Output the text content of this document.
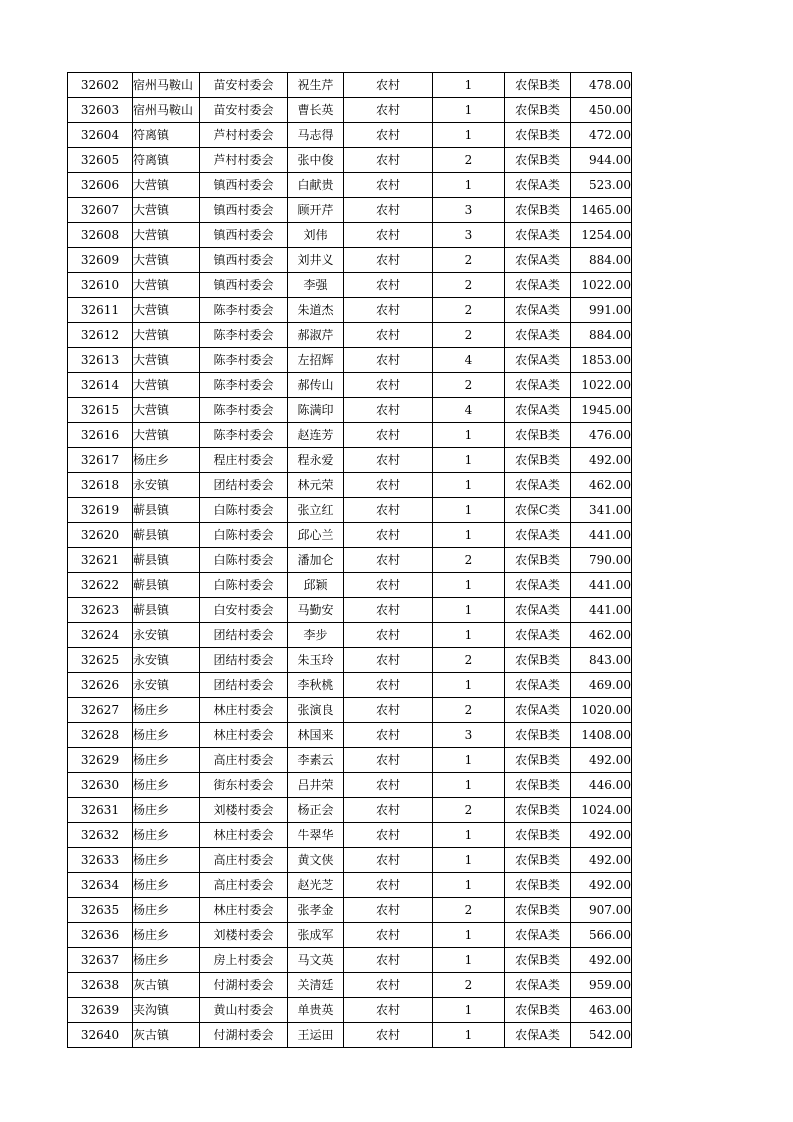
32602	宿州马鞍山	苗安村委会	祝生芹	农村	1	农保B类	478.00
32603	宿州马鞍山	苗安村委会	曹长英	农村	1	农保B类	450.00
32604	符离镇	芦村村委会	马志得	农村	1	农保B类	472.00
32605	符离镇	芦村村委会	张中俊	农村	2	农保B类	944.00
32606	大营镇	镇西村委会	白献贵	农村	1	农保A类	523.00
32607	大营镇	镇西村委会	顾开芹	农村	3	农保B类	1465.00
32608	大营镇	镇西村委会	刘伟	农村	3	农保A类	1254.00
32609	大营镇	镇西村委会	刘井义	农村	2	农保A类	884.00
32610	大营镇	镇西村委会	李强	农村	2	农保A类	1022.00
32611	大营镇	陈李村委会	朱道杰	农村	2	农保A类	991.00
32612	大营镇	陈李村委会	郝淑芹	农村	2	农保A类	884.00
32613	大营镇	陈李村委会	左招辉	农村	4	农保A类	1853.00
32614	大营镇	陈李村委会	郝传山	农村	2	农保A类	1022.00
32615	大营镇	陈李村委会	陈满印	农村	4	农保A类	1945.00
32616	大营镇	陈李村委会	赵连芳	农村	1	农保B类	476.00
32617	杨庄乡	程庄村委会	程永爱	农村	1	农保B类	492.00
32618	永安镇	团结村委会	林元荣	农村	1	农保A类	462.00
32619	蕲县镇	白陈村委会	张立红	农村	1	农保C类	341.00
32620	蕲县镇	白陈村委会	邱心兰	农村	1	农保A类	441.00
32621	蕲县镇	白陈村委会	潘加仑	农村	2	农保B类	790.00
32622	蕲县镇	白陈村委会	邱颖	农村	1	农保A类	441.00
32623	蕲县镇	白安村委会	马勤安	农村	1	农保A类	441.00
32624	永安镇	团结村委会	李步	农村	1	农保A类	462.00
32625	永安镇	团结村委会	朱玉玲	农村	2	农保B类	843.00
32626	永安镇	团结村委会	李秋桃	农村	1	农保A类	469.00
32627	杨庄乡	林庄村委会	张演良	农村	2	农保A类	1020.00
32628	杨庄乡	林庄村委会	林国来	农村	3	农保B类	1408.00
32629	杨庄乡	高庄村委会	李素云	农村	1	农保B类	492.00
32630	杨庄乡	街东村委会	吕井荣	农村	1	农保B类	446.00
32631	杨庄乡	刘楼村委会	杨正会	农村	2	农保B类	1024.00
32632	杨庄乡	林庄村委会	牛翠华	农村	1	农保B类	492.00
32633	杨庄乡	高庄村委会	黄文侠	农村	1	农保B类	492.00
32634	杨庄乡	高庄村委会	赵光芝	农村	1	农保B类	492.00
32635	杨庄乡	林庄村委会	张孝金	农村	2	农保B类	907.00
32636	杨庄乡	刘楼村委会	张成军	农村	1	农保A类	566.00
32637	杨庄乡	房上村委会	马文英	农村	1	农保B类	492.00
32638	灰古镇	付湖村委会	关清廷	农村	2	农保A类	959.00
32639	夹沟镇	黄山村委会	单贵英	农村	1	农保B类	463.00
32640	灰古镇	付湖村委会	王运田	农村	1	农保A类	542.00
